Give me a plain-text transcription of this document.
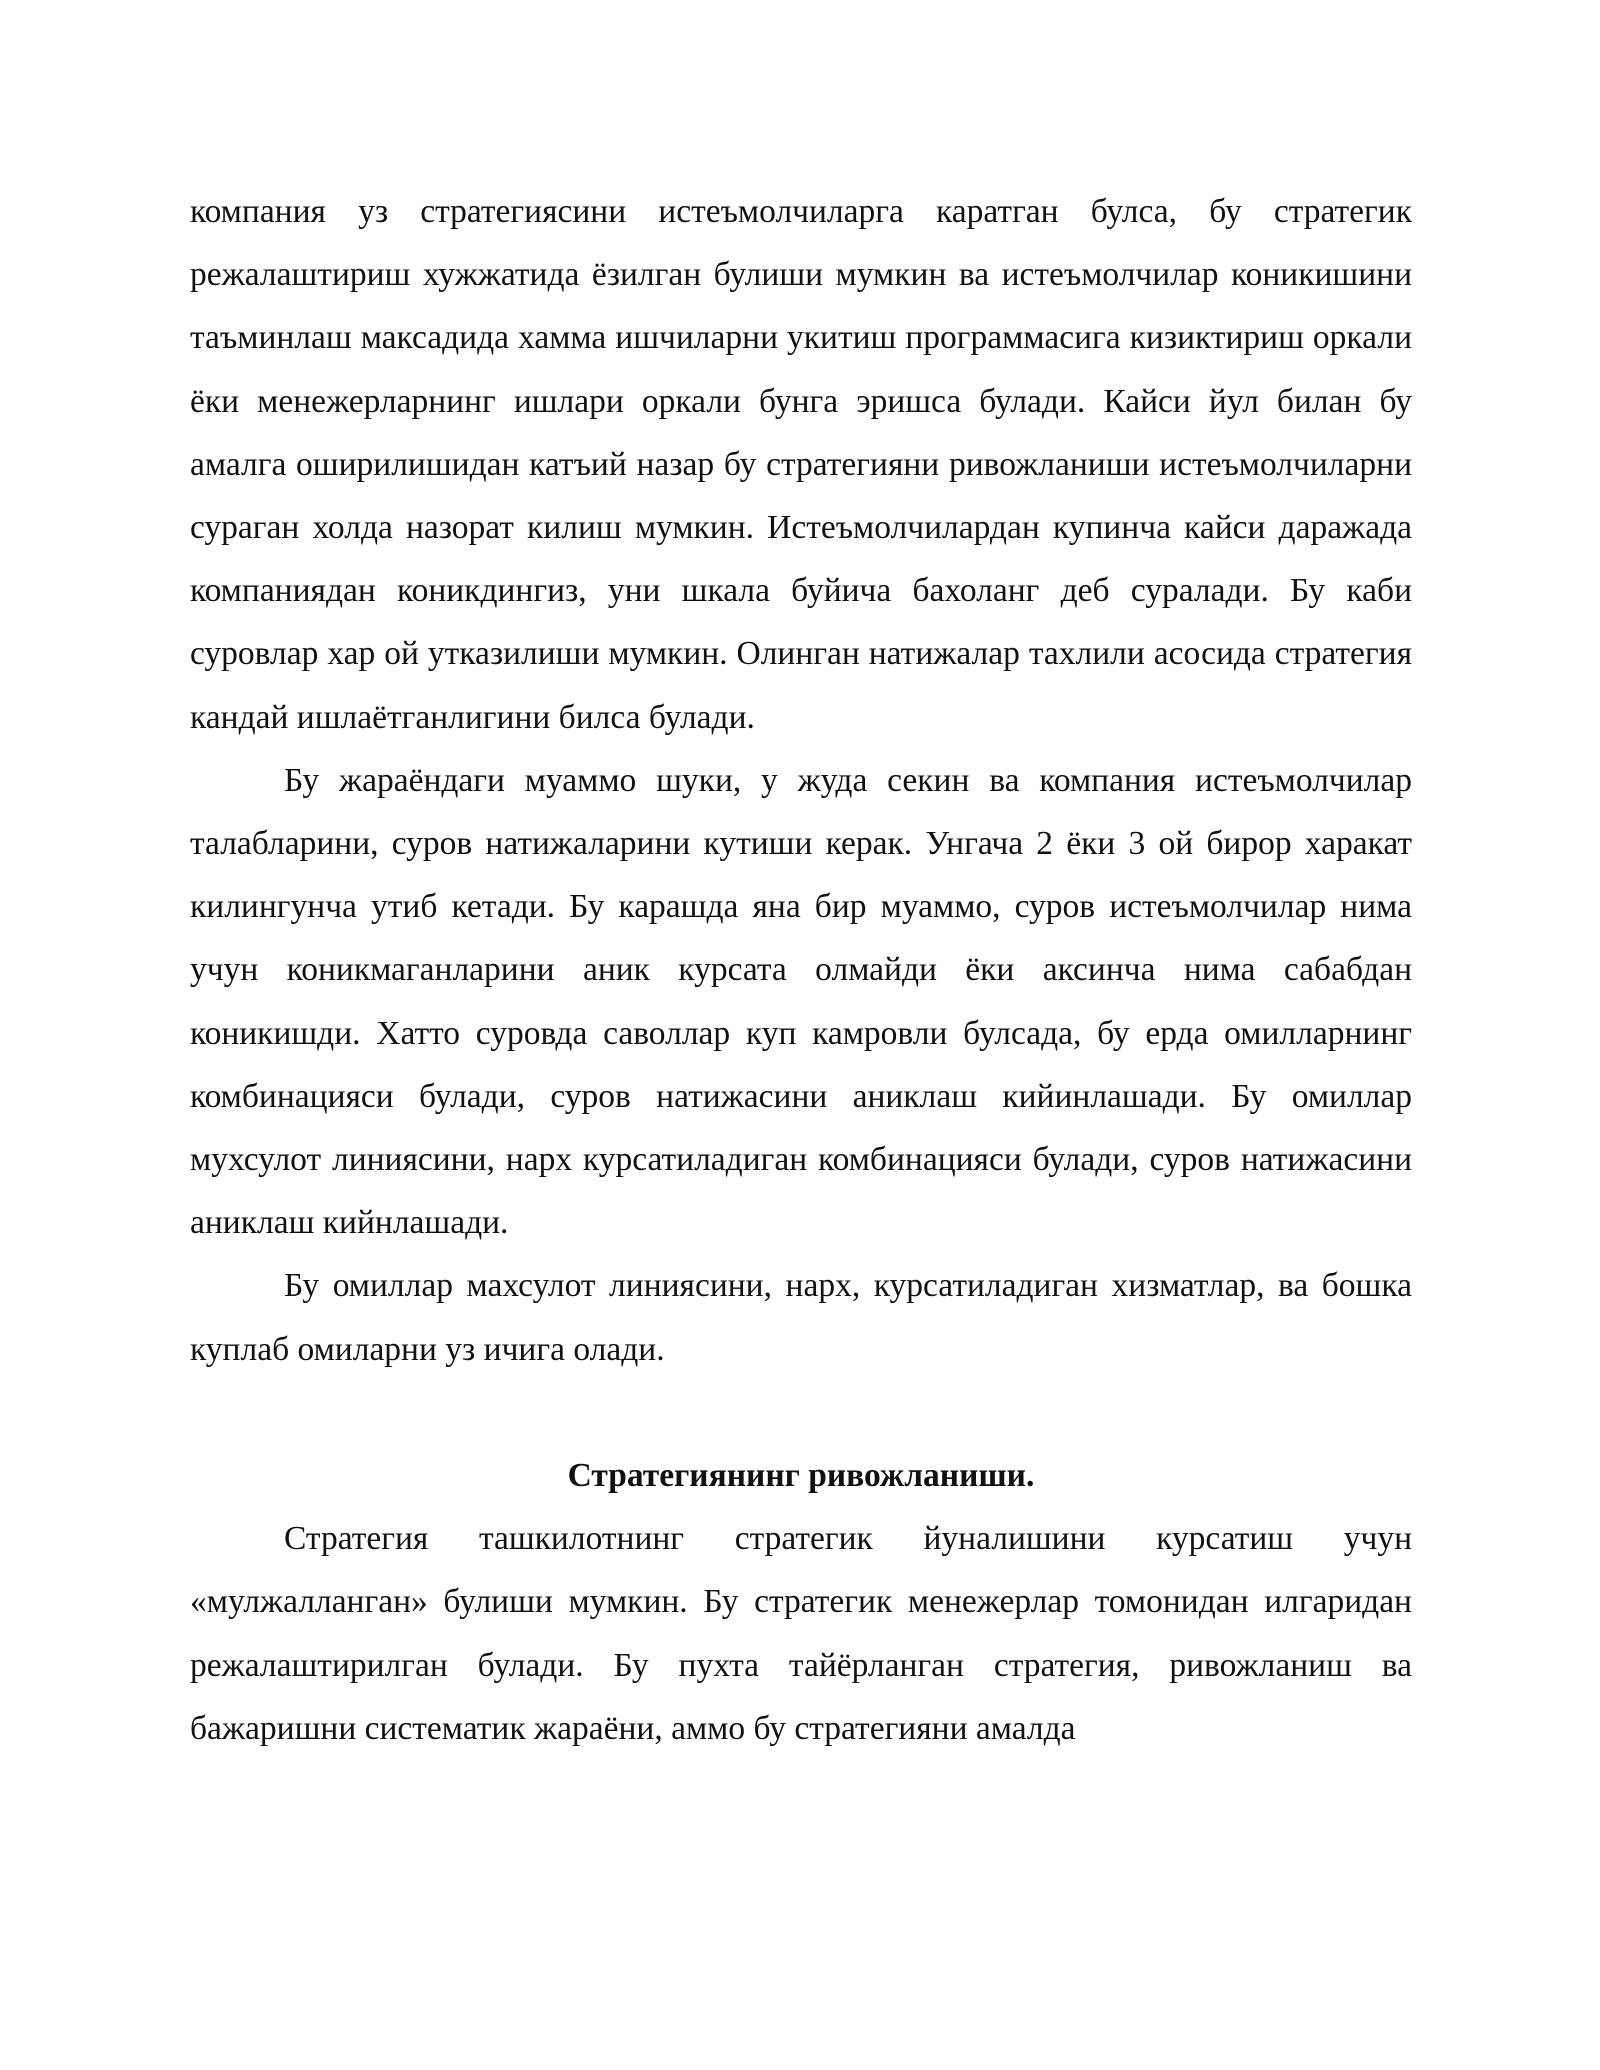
компания уз стратегиясини истеъмолчиларга каратган булса, бу стратегик режалаштириш хужжатида ёзилган булиши мумкин ва истеъмолчилар коникишини таъминлаш максадида хамма ишчиларни укитиш программасига кизиктириш оркали ёки менежерларнинг ишлари оркали бунга эришса булади. Кайси йул билан бу амалга оширилишидан катъий назар бу стратегияни ривожланиши истеъмолчиларни сураган холда назорат килиш мумкин. Истеъмолчилардан купинча кайси даражада компаниядан коникдингиз, уни шкала буйича бахоланг деб суралади. Бу каби суровлар хар ой утказилиши мумкин. Олинган натижалар тахлили асосида стратегия кандай ишлаётганлигини билса булади.

Бу жараёндаги муаммо шуки, у жуда секин ва компания истеъмолчилар талабларини, суров натижаларини кутиши керак. Унгача 2 ёки 3 ой бирор харакат килингунча утиб кетади. Бу карашда яна бир муаммо, суров истеъмолчилар нима учун коникмаганларини аник курсата олмайди ёки аксинча нима сабабдан коникишди. Хатто суровда саволлар куп камровли булсада, бу ерда омилларнинг комбинацияси булади, суров натижасини аниклаш кийинлашади. Бу омиллар мухсулот линиясини, нарх курсатиладиган комбинацияси булади, суров натижасини аниклаш кийнлашади.

Бу омиллар махсулот линиясини, нарх, курсатиладиган хизматлар, ва бошка куплаб омиларни уз ичига олади.

Стратегиянинг ривожланиши.

Стратегия ташкилотнинг стратегик йуналишини курсатиш учун «мулжалланган» булиши мумкин. Бу стратегик менежерлар томонидан илгаридан режалаштирилган булади. Бу пухта тайёрланган стратегия, ривожланиш ва бажаришни систематик жараёни, аммо бу стратегияни амалда
